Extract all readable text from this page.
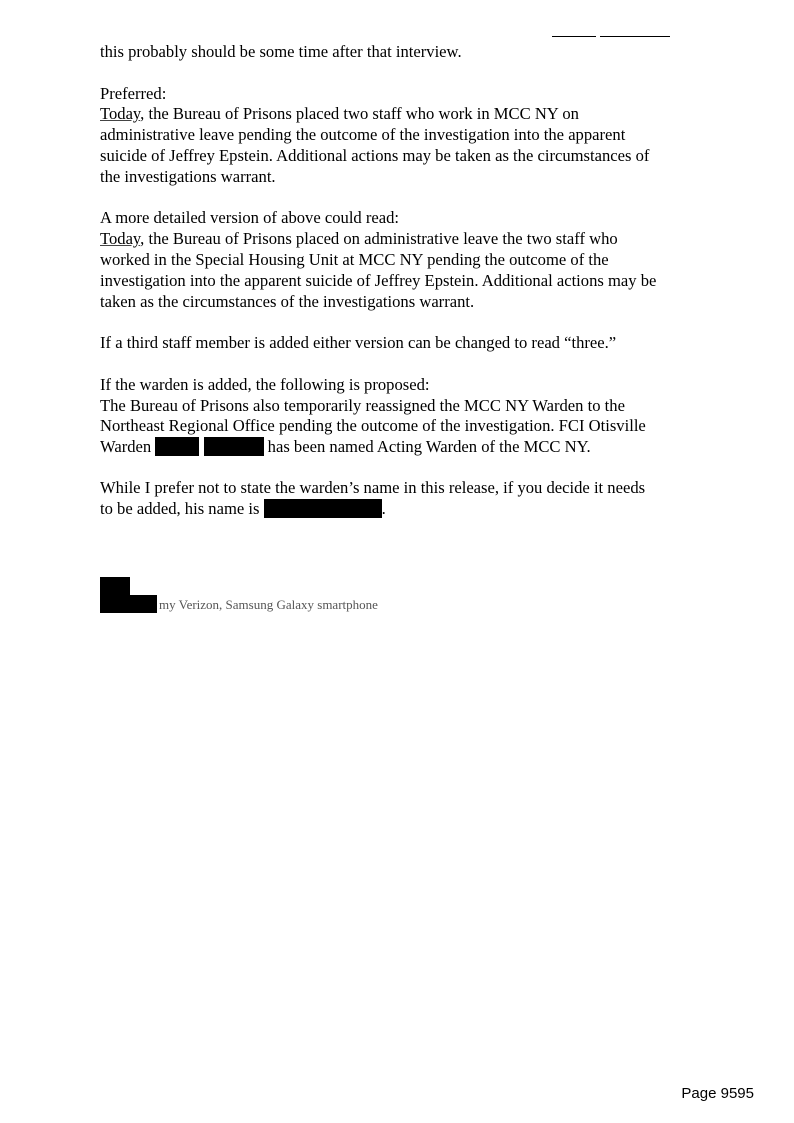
this probably should be some time after that interview.
Preferred:
Today, the Bureau of Prisons placed two staff who work in MCC NY on
administrative leave pending the outcome of the investigation into the apparent
suicide of Jeffrey Epstein. Additional actions may be taken as the circumstances of
the investigations warrant.
A more detailed version of above could read:
Today, the Bureau of Prisons placed on administrative leave the two staff who
worked in the Special Housing Unit at MCC NY pending the outcome of the
investigation into the apparent suicide of Jeffrey Epstein. Additional actions may be
taken as the circumstances of the investigations warrant.
If a third staff member is added either version can be changed to read “three.”
If the warden is added, the following is proposed:
The Bureau of Prisons also temporarily reassigned the MCC NY Warden to the
Northeast Regional Office pending the outcome of the investigation. FCI Otisville
Warden	has been named Acting Warden of the MCC NY.
While I prefer not to state the warden’s name in this release, if you decide it needs
to be added, his name is	.
my Verizon, Samsung Galaxy smartphone
Page 9595
